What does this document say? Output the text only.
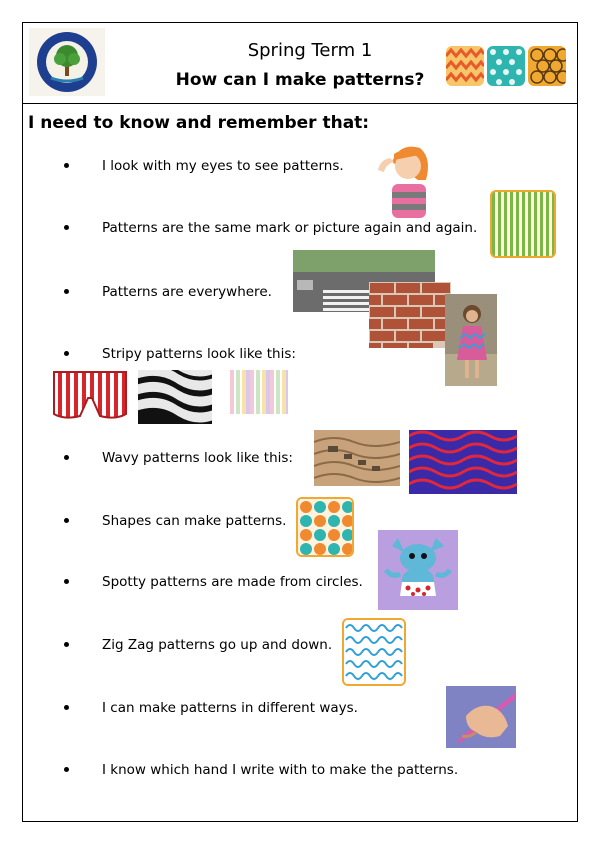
Spring Term 1
How can I make patterns?
I need to know and remember that:
I look with my eyes to see patterns.
Patterns are the same mark or picture again and again.
Patterns are everywhere.
Stripy patterns look like this:
Wavy patterns look like this:
Shapes can make patterns.
Spotty patterns are made from circles.
Zig Zag patterns go up and down.
I can make patterns in different ways.
I know which hand I write with to make the patterns.
